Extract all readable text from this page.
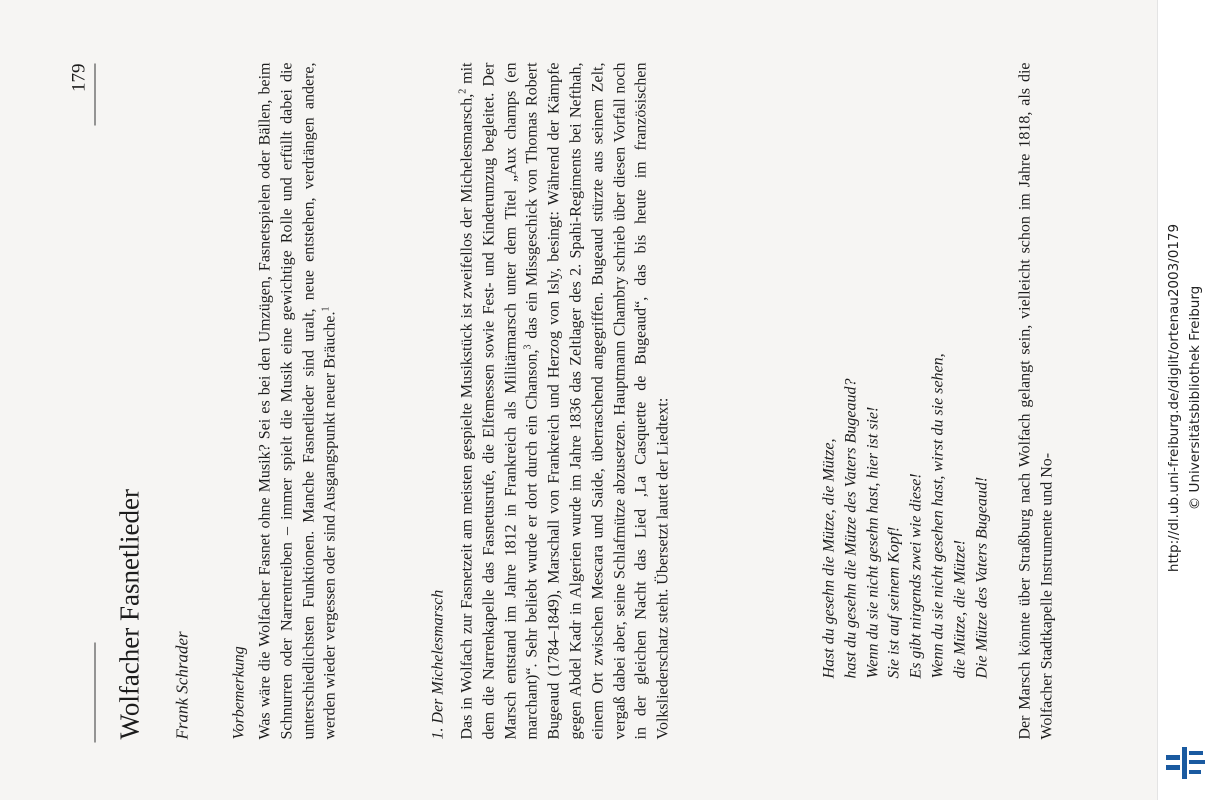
179
Wolfacher Fasnetlieder Frank Schrader Vorbemerkung Was wäre die Wolfacher Fasnet ohne Musik? Sei es bei den Umzügen, Fasnetspielen oder Bällen, beim Schnurren oder Narrentreiben – immer spielt die Musik eine gewichtige Rolle und erfüllt dabei die unterschiedlichsten Funktionen. Manche Fasnetlieder sind uralt, neue entstehen, verdrängen andere, werden wieder vergessen oder sind Ausgangspunkt neuer Bräuche.$^1$

1. Der Michelesmarsch Das in Wolfach zur Fasnetzeit am meisten gespielte Musikstück ist zweifellos der Michelesmarsch,$^2$ mit dem die Narrenkapelle das Fasnetusrufe, die Elfemessen sowie Fest- und Kinderumzug begleitet. Der Marsch entstand im Jahre 1812 in Frankreich als Militärmarsch unter dem Titel „Aux champs (en marchant)“. Sehr beliebt wurde er dort durch ein Chanson,$^3$ das ein Missgeschick von Thomas Robert Bugeaud (1784–1849), Marschall von Frankreich und Herzog von Isly, besingt: Während der Kämpfe gegen Abdel Kadr in Algerien wurde im Jahre 1836 das Zeltlager des 2. Spahi-Regiments bei Nefthah, einem Ort zwischen Mescara und Saide, überraschend angegriffen. Bugeaud stürzte aus seinem Zelt, vergaß dabei aber, seine Schlafmütze abzusetzen. Hauptmann Chambry schrieb über diesen Vorfall noch in der gleichen Nacht das Lied ‚La Casquette de Bugeaud“, das bis heute im französischen Volksliederschatz steht. Übersetzt lautet der Liedtext:	Hast du gesehn die Mütze, die Mütze, hast du gesehn die Mütze des Vaters Bugeaud? Wenn du sie nicht gesehn hast, hier ist sie! Sie ist auf seinem Kopf! Es gibt nirgends zwei wie diese! Wenn du sie nicht gesehen hast, wirst du sie sehen, die Mütze, die Mütze! Die Mütze des Vaters Bugeaud! Der Marsch könnte über Straßburg nach Wolfach gelangt sein, vielleicht schon im Jahre 1818, als die Wolfacher Stadtkapelle Instrumente und No-

http://dl.ub.uni-freiburg.de/diglit/ortenau2003/0179 © Universitätsbibliothek Freiburg
